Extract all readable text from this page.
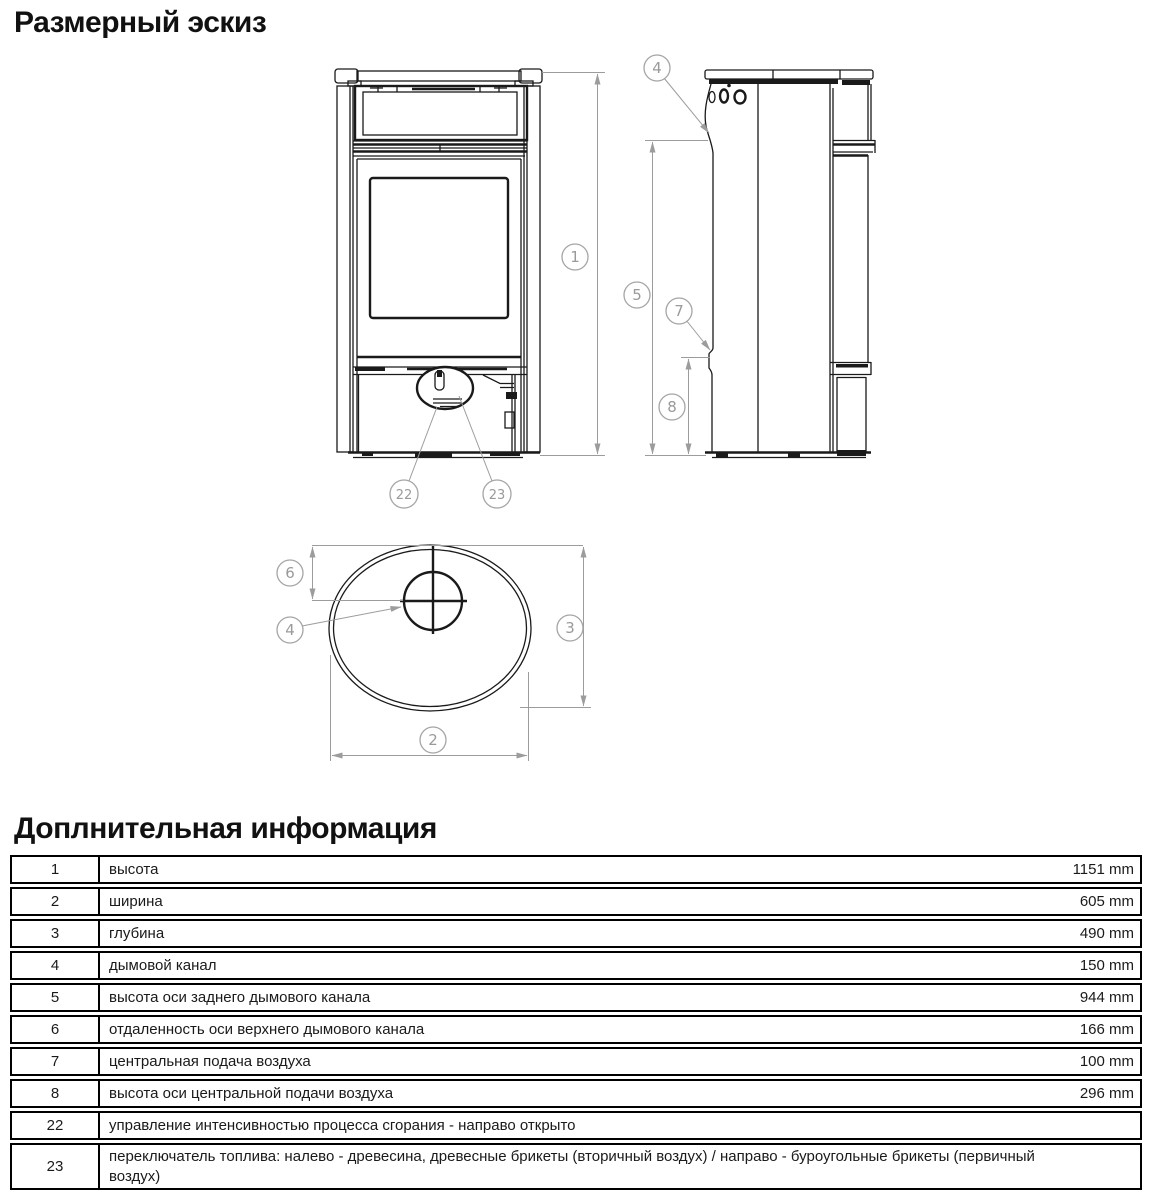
Размерный эскиз
1
4
5
7
8
22	23
6
4	3
2
Доплнительная информация
1	высота 1151 mm

2	ширина 605 mm

3	глубина 490 mm

4	дымовой канал 150 mm

5	высота оси заднего дымового канала 944 mm

6	отдаленность оси верхнего дымового канала 166 mm

7	центральная подача воздуха 100 mm

8	высота оси центральной подачи воздуха 296 mm

22	управление интенсивностью процесса сгорания - направо открыто

23	переключатель топлива: налево - древесина, древесные брикеты (вторичный воздух) / направо - буроугольные брикеты (первичный воздух)
